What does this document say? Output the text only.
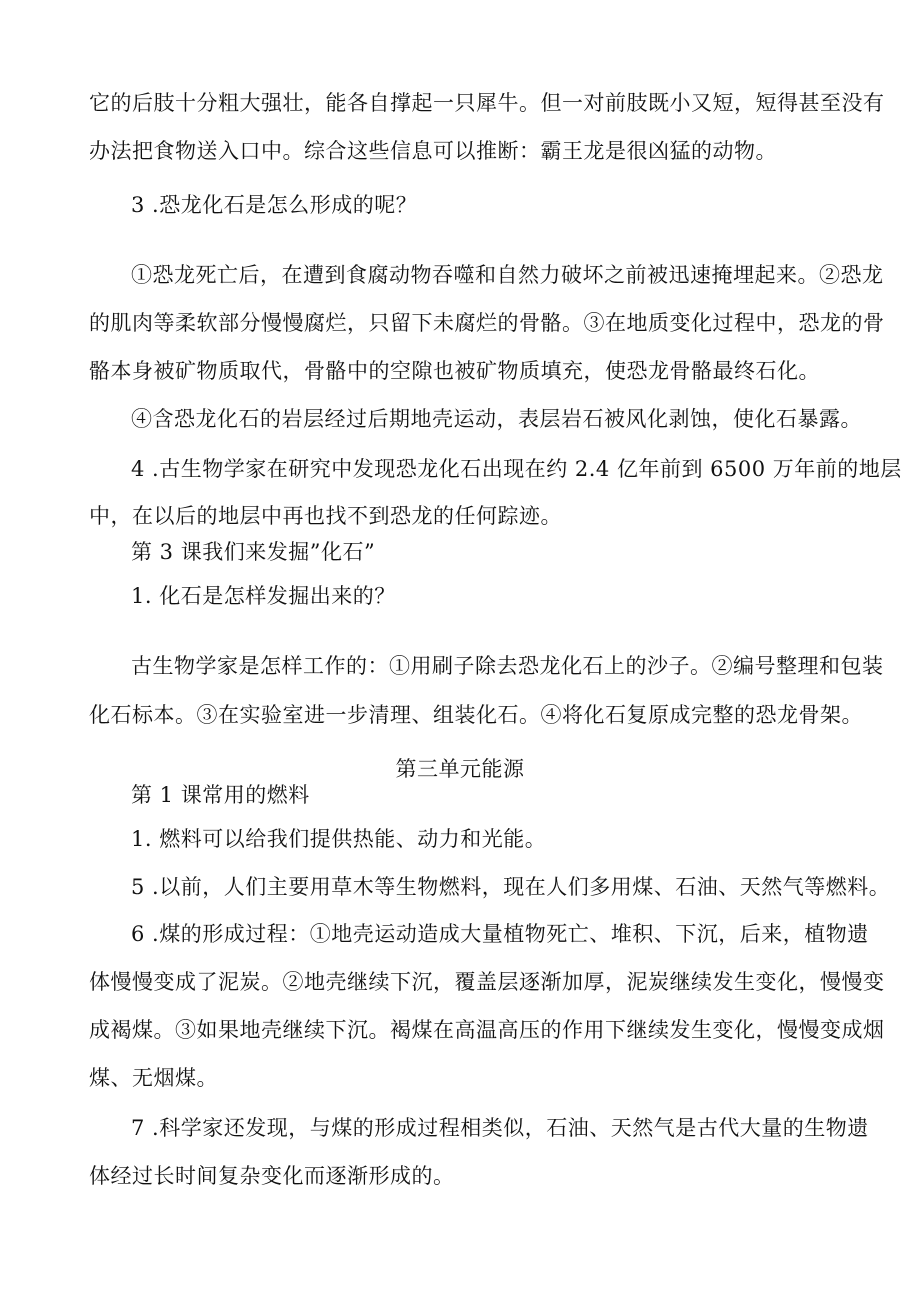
它的后肢十分粗大强壮，能各自撑起一只犀牛。但一对前肢既小又短，短得甚至没有
办法把食物送入口中。综合这些信息可以推断：霸王龙是很凶猛的动物。
3 .恐龙化石是怎么形成的呢？
①恐龙死亡后，在遭到食腐动物吞噬和自然力破坏之前被迅速掩埋起来。②恐龙
的肌肉等柔软部分慢慢腐烂，只留下未腐烂的骨骼。③在地质变化过程中，恐龙的骨
骼本身被矿物质取代，骨骼中的空隙也被矿物质填充，使恐龙骨骼最终石化。
④含恐龙化石的岩层经过后期地壳运动，表层岩石被风化剥蚀，使化石暴露。
4 .古生物学家在研究中发现恐龙化石出现在约 2.4 亿年前到 6500 万年前的地层
中，在以后的地层中再也找不到恐龙的任何踪迹。
第 3 课我们来发掘”化石”
1. 化石是怎样发掘出来的？
古生物学家是怎样工作的：①用刷子除去恐龙化石上的沙子。②编号整理和包装
化石标本。③在实验室进一步清理、组装化石。④将化石复原成完整的恐龙骨架。
第三单元能源
第 1 课常用的燃料
1. 燃料可以给我们提供热能、动力和光能。
5 .以前，人们主要用草木等生物燃料，现在人们多用煤、石油、天然气等燃料。
6 .煤的形成过程：①地壳运动造成大量植物死亡、堆积、下沉，后来，植物遗
体慢慢变成了泥炭。②地壳继续下沉，覆盖层逐渐加厚，泥炭继续发生变化，慢慢变
成褐煤。③如果地壳继续下沉。褐煤在高温高压的作用下继续发生变化，慢慢变成烟
煤、无烟煤。
7 .科学家还发现，与煤的形成过程相类似，石油、天然气是古代大量的生物遗
体经过长时间复杂变化而逐渐形成的。
